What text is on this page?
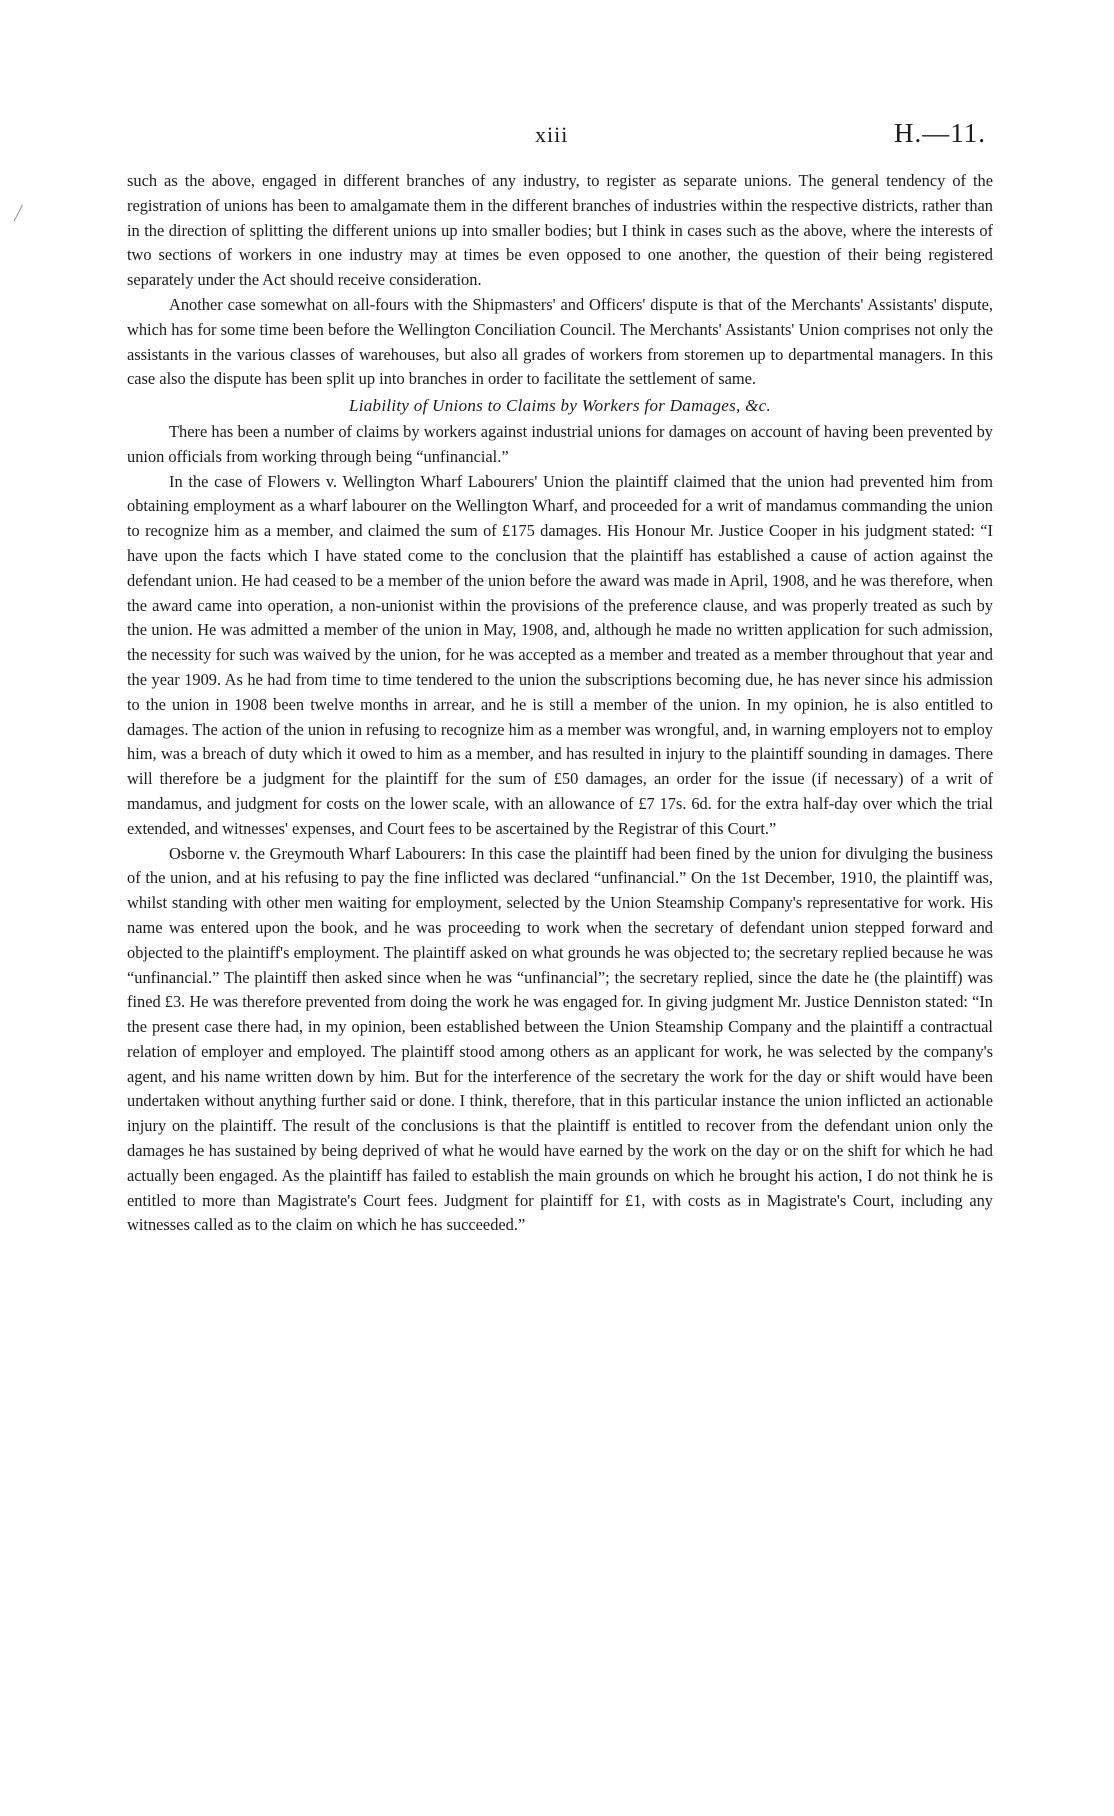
xiii	H.—11.
╱

such as the above, engaged in different branches of any industry, to register as separate unions. The general tendency of the registration of unions has been to amalgamate them in the different branches of industries within the respective districts, rather than in the direction of splitting the different unions up into smaller bodies; but I think in cases such as the above, where the interests of two sections of workers in one industry may at times be even opposed to one another, the question of their being registered separately under the Act should receive consideration.

Another case somewhat on all-fours with the Shipmasters' and Officers' dispute is that of the Merchants' Assistants' dispute, which has for some time been before the Wellington Conciliation Council. The Merchants' Assistants' Union comprises not only the assistants in the various classes of warehouses, but also all grades of workers from storemen up to departmental managers. In this case also the dispute has been split up into branches in order to facilitate the settlement of same.

Liability of Unions to Claims by Workers for Damages, &c.

There has been a number of claims by workers against industrial unions for damages on account of having been prevented by union officials from working through being “unfinancial.”

In the case of Flowers v. Wellington Wharf Labourers' Union the plaintiff claimed that the union had prevented him from obtaining employment as a wharf labourer on the Wellington Wharf, and proceeded for a writ of mandamus commanding the union to recognize him as a member, and claimed the sum of £175 damages. His Honour Mr. Justice Cooper in his judgment stated: “I have upon the facts which I have stated come to the conclusion that the plaintiff has established a cause of action against the defendant union. He had ceased to be a member of the union before the award was made in April, 1908, and he was therefore, when the award came into operation, a non-unionist within the provisions of the preference clause, and was properly treated as such by the union. He was admitted a member of the union in May, 1908, and, although he made no written application for such admission, the necessity for such was waived by the union, for he was accepted as a member and treated as a member throughout that year and the year 1909. As he had from time to time tendered to the union the subscriptions becoming due, he has never since his admission to the union in 1908 been twelve months in arrear, and he is still a member of the union. In my opinion, he is also entitled to damages. The action of the union in refusing to recognize him as a member was wrongful, and, in warning employers not to employ him, was a breach of duty which it owed to him as a member, and has resulted in injury to the plaintiff sounding in damages. There will therefore be a judgment for the plaintiff for the sum of £50 damages, an order for the issue (if necessary) of a writ of mandamus, and judgment for costs on the lower scale, with an allowance of £7 17s. 6d. for the extra half-day over which the trial extended, and witnesses' expenses, and Court fees to be ascertained by the Registrar of this Court.”

Osborne v. the Greymouth Wharf Labourers: In this case the plaintiff had been fined by the union for divulging the business of the union, and at his refusing to pay the fine inflicted was declared “unfinancial.” On the 1st December, 1910, the plaintiff was, whilst standing with other men waiting for employment, selected by the Union Steamship Company's representative for work. His name was entered upon the book, and he was proceeding to work when the secretary of defendant union stepped forward and objected to the plaintiff's employment. The plaintiff asked on what grounds he was objected to; the secretary replied because he was “unfinancial.” The plaintiff then asked since when he was “unfinancial”; the secretary replied, since the date he (the plaintiff) was fined £3. He was therefore prevented from doing the work he was engaged for. In giving judgment Mr. Justice Denniston stated: “In the present case there had, in my opinion, been established between the Union Steamship Company and the plaintiff a contractual relation of employer and employed. The plaintiff stood among others as an applicant for work, he was selected by the company's agent, and his name written down by him. But for the interference of the secretary the work for the day or shift would have been undertaken without anything further said or done. I think, therefore, that in this particular instance the union inflicted an actionable injury on the plaintiff. The result of the conclusions is that the plaintiff is entitled to recover from the defendant union only the damages he has sustained by being deprived of what he would have earned by the work on the day or on the shift for which he had actually been engaged. As the plaintiff has failed to establish the main grounds on which he brought his action, I do not think he is entitled to more than Magistrate's Court fees. Judgment for plaintiff for £1, with costs as in Magistrate's Court, including any witnesses called as to the claim on which he has succeeded.”
